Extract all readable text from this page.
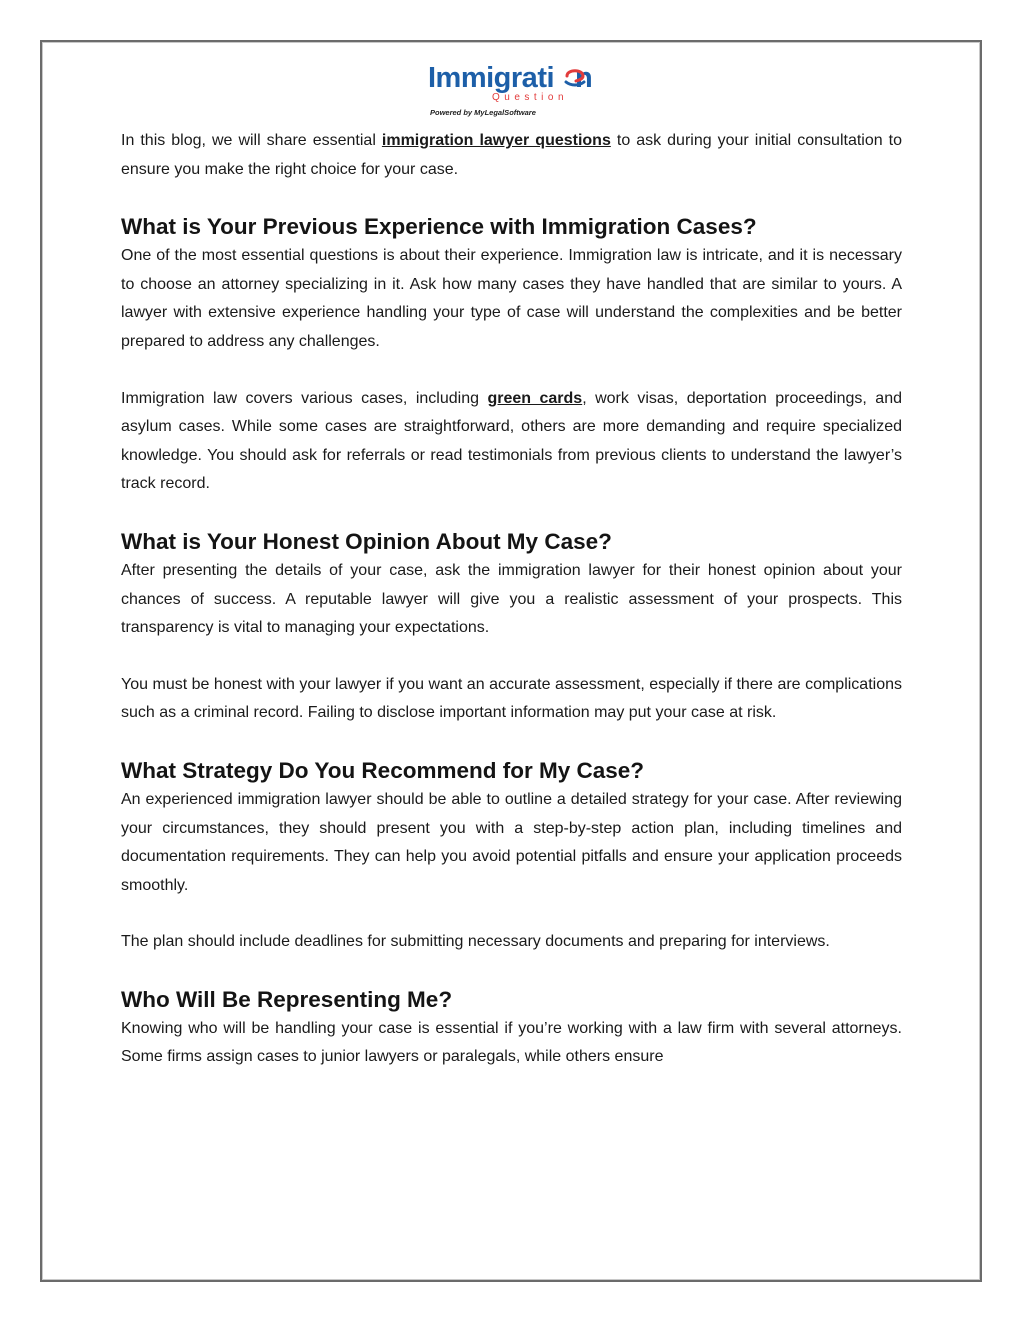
Immigrati n
Question
Powered by MyLegalSoftware

In this blog, we will share essential immigration lawyer questions to ask during your initial consultation to ensure you make the right choice for your case.

What is Your Previous Experience with Immigration Cases?

One of the most essential questions is about their experience. Immigration law is intricate, and it is necessary to choose an attorney specializing in it. Ask how many cases they have handled that are similar to yours. A lawyer with extensive experience handling your type of case will understand the complexities and be better prepared to address any challenges.

Immigration law covers various cases, including green cards, work visas, deportation proceedings, and asylum cases. While some cases are straightforward, others are more demanding and require specialized knowledge. You should ask for referrals or read testimonials from previous clients to understand the lawyer’s track record.

What is Your Honest Opinion About My Case?

After presenting the details of your case, ask the immigration lawyer for their honest opinion about your chances of success. A reputable lawyer will give you a realistic assessment of your prospects. This transparency is vital to managing your expectations.

You must be honest with your lawyer if you want an accurate assessment, especially if there are complications such as a criminal record. Failing to disclose important information may put your case at risk.

What Strategy Do You Recommend for My Case?

An experienced immigration lawyer should be able to outline a detailed strategy for your case. After reviewing your circumstances, they should present you with a step-by-step action plan, including timelines and documentation requirements. They can help you avoid potential pitfalls and ensure your application proceeds smoothly.

The plan should include deadlines for submitting necessary documents and preparing for interviews.

Who Will Be Representing Me?

Knowing who will be handling your case is essential if you’re working with a law firm with several attorneys. Some firms assign cases to junior lawyers or paralegals, while others ensure
